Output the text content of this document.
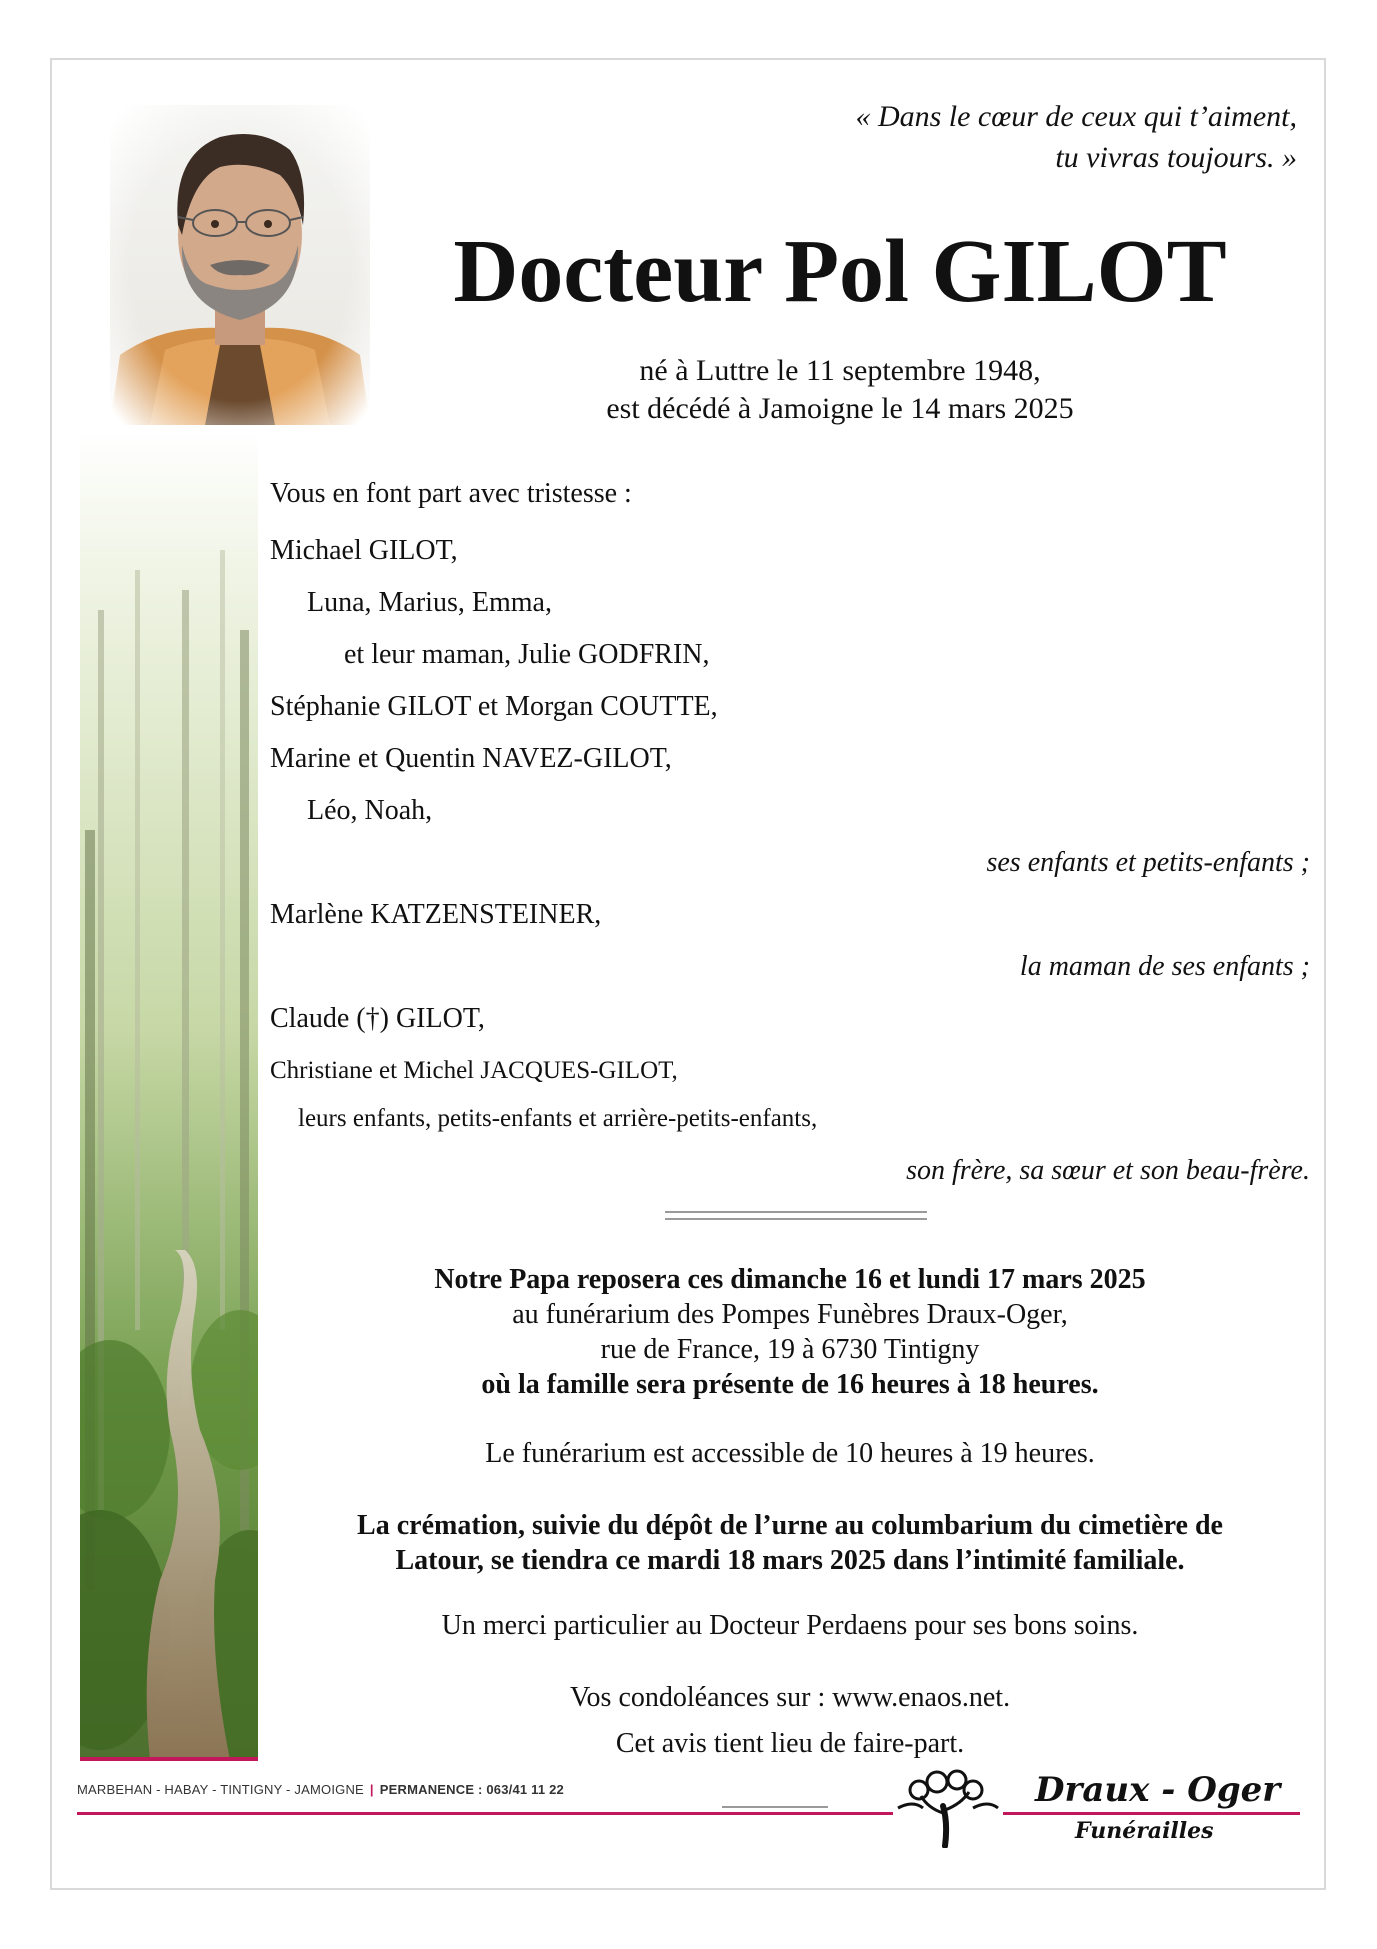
« Dans le cœur de ceux qui t’aiment,
tu vivras toujours. »
Docteur Pol GILOT
né à Luttre le 11 septembre 1948,
est décédé à Jamoigne le 14 mars 2025
Vous en font part avec tristesse :
Michael GILOT,
Luna, Marius, Emma,
et leur maman, Julie GODFRIN,
Stéphanie GILOT et Morgan COUTTE,
Marine et Quentin NAVEZ-GILOT,
Léo, Noah,
ses enfants et petits-enfants ;
Marlène KATZENSTEINER,
la maman de ses enfants ;
Claude (†) GILOT,
Christiane et Michel JACQUES-GILOT,
leurs enfants, petits-enfants et arrière-petits-enfants,
son frère, sa sœur et son beau-frère.
Notre Papa reposera ces dimanche 16 et lundi 17 mars 2025
au funérarium des Pompes Funèbres Draux-Oger,
rue de France, 19 à 6730 Tintigny
où la famille sera présente de 16 heures à 18 heures.
Le funérarium est accessible de 10 heures à 19 heures.
La crémation, suivie du dépôt de l’urne au columbarium du cimetière de
Latour, se tiendra ce mardi 18 mars 2025 dans l’intimité familiale.
Un merci particulier au Docteur Perdaens pour ses bons soins.
Vos condoléances sur : www.enaos.net.
Cet avis tient lieu de faire-part.
MARBEHAN - HABAY - TINTIGNY - JAMOIGNE | PERMANENCE : 063/41 11 22	Draux - Oger
Funérailles
